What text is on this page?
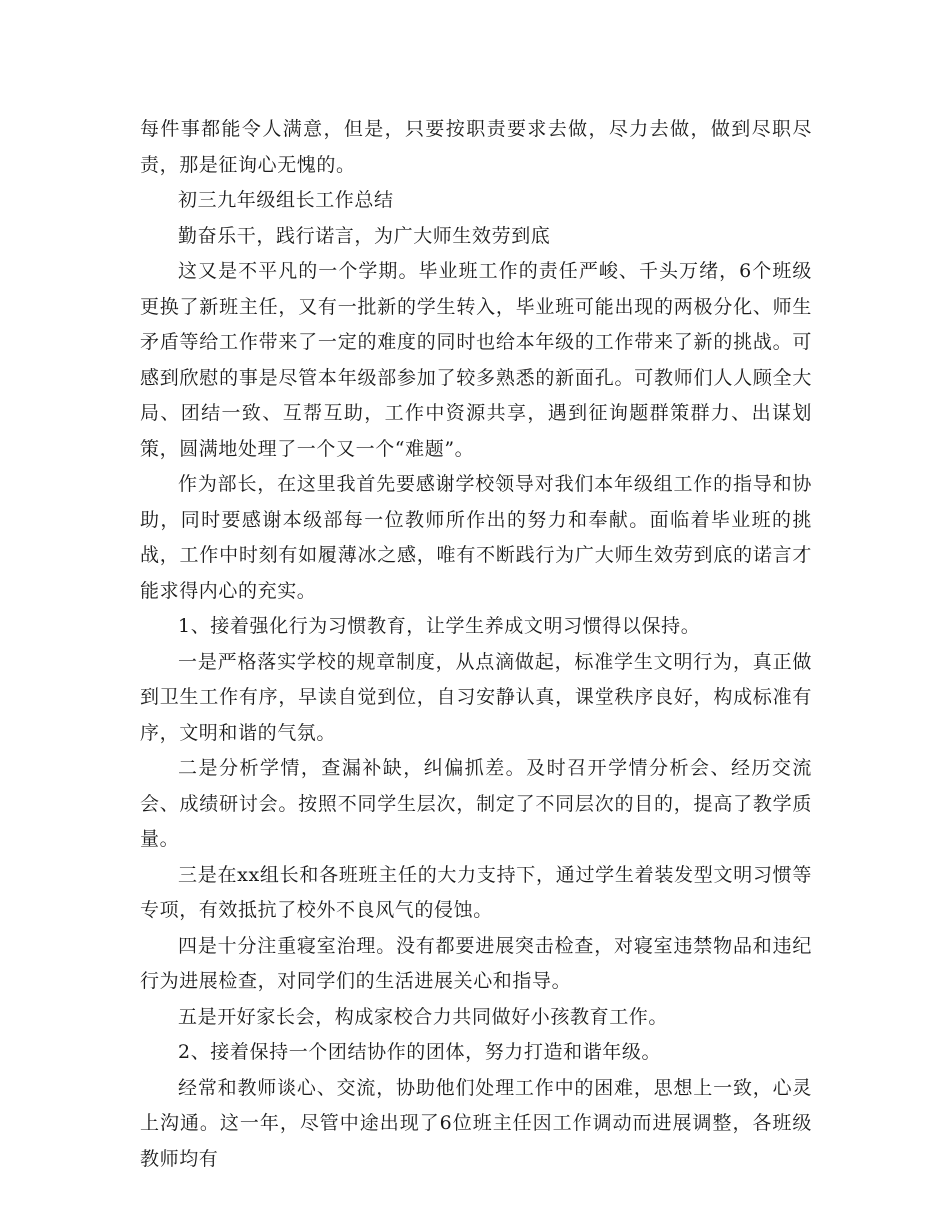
每件事都能令人满意，但是，只要按职责要求去做，尽力去做，做到尽职尽责，那是征询心无愧的。

初三九年级组长工作总结

勤奋乐干，践行诺言，为广大师生效劳到底

这又是不平凡的一个学期。毕业班工作的责任严峻、千头万绪，6个班级更换了新班主任，又有一批新的学生转入，毕业班可能出现的两极分化、师生矛盾等给工作带来了一定的难度的同时也给本年级的工作带来了新的挑战。可感到欣慰的事是尽管本年级部参加了较多熟悉的新面孔。可教师们人人顾全大局、团结一致、互帮互助，工作中资源共享，遇到征询题群策群力、出谋划策，圆满地处理了一个又一个“难题”。

作为部长，在这里我首先要感谢学校领导对我们本年级组工作的指导和协助，同时要感谢本级部每一位教师所作出的努力和奉献。面临着毕业班的挑战，工作中时刻有如履薄冰之感，唯有不断践行为广大师生效劳到底的诺言才能求得内心的充实。

1、接着强化行为习惯教育，让学生养成文明习惯得以保持。

一是严格落实学校的规章制度，从点滴做起，标准学生文明行为，真正做到卫生工作有序，早读自觉到位，自习安静认真，课堂秩序良好，构成标准有序，文明和谐的气氛。

二是分析学情，查漏补缺，纠偏抓差。及时召开学情分析会、经历交流会、成绩研讨会。按照不同学生层次，制定了不同层次的目的，提高了教学质量。

三是在xx组长和各班班主任的大力支持下，通过学生着装发型文明习惯等专项，有效抵抗了校外不良风气的侵蚀。

四是十分注重寝室治理。没有都要进展突击检查，对寝室违禁物品和违纪行为进展检查，对同学们的生活进展关心和指导。

五是开好家长会，构成家校合力共同做好小孩教育工作。

2、接着保持一个团结协作的团体，努力打造和谐年级。

经常和教师谈心、交流，协助他们处理工作中的困难，思想上一致，心灵上沟通。这一年，尽管中途出现了6位班主任因工作调动而进展调整，各班级教师均有
